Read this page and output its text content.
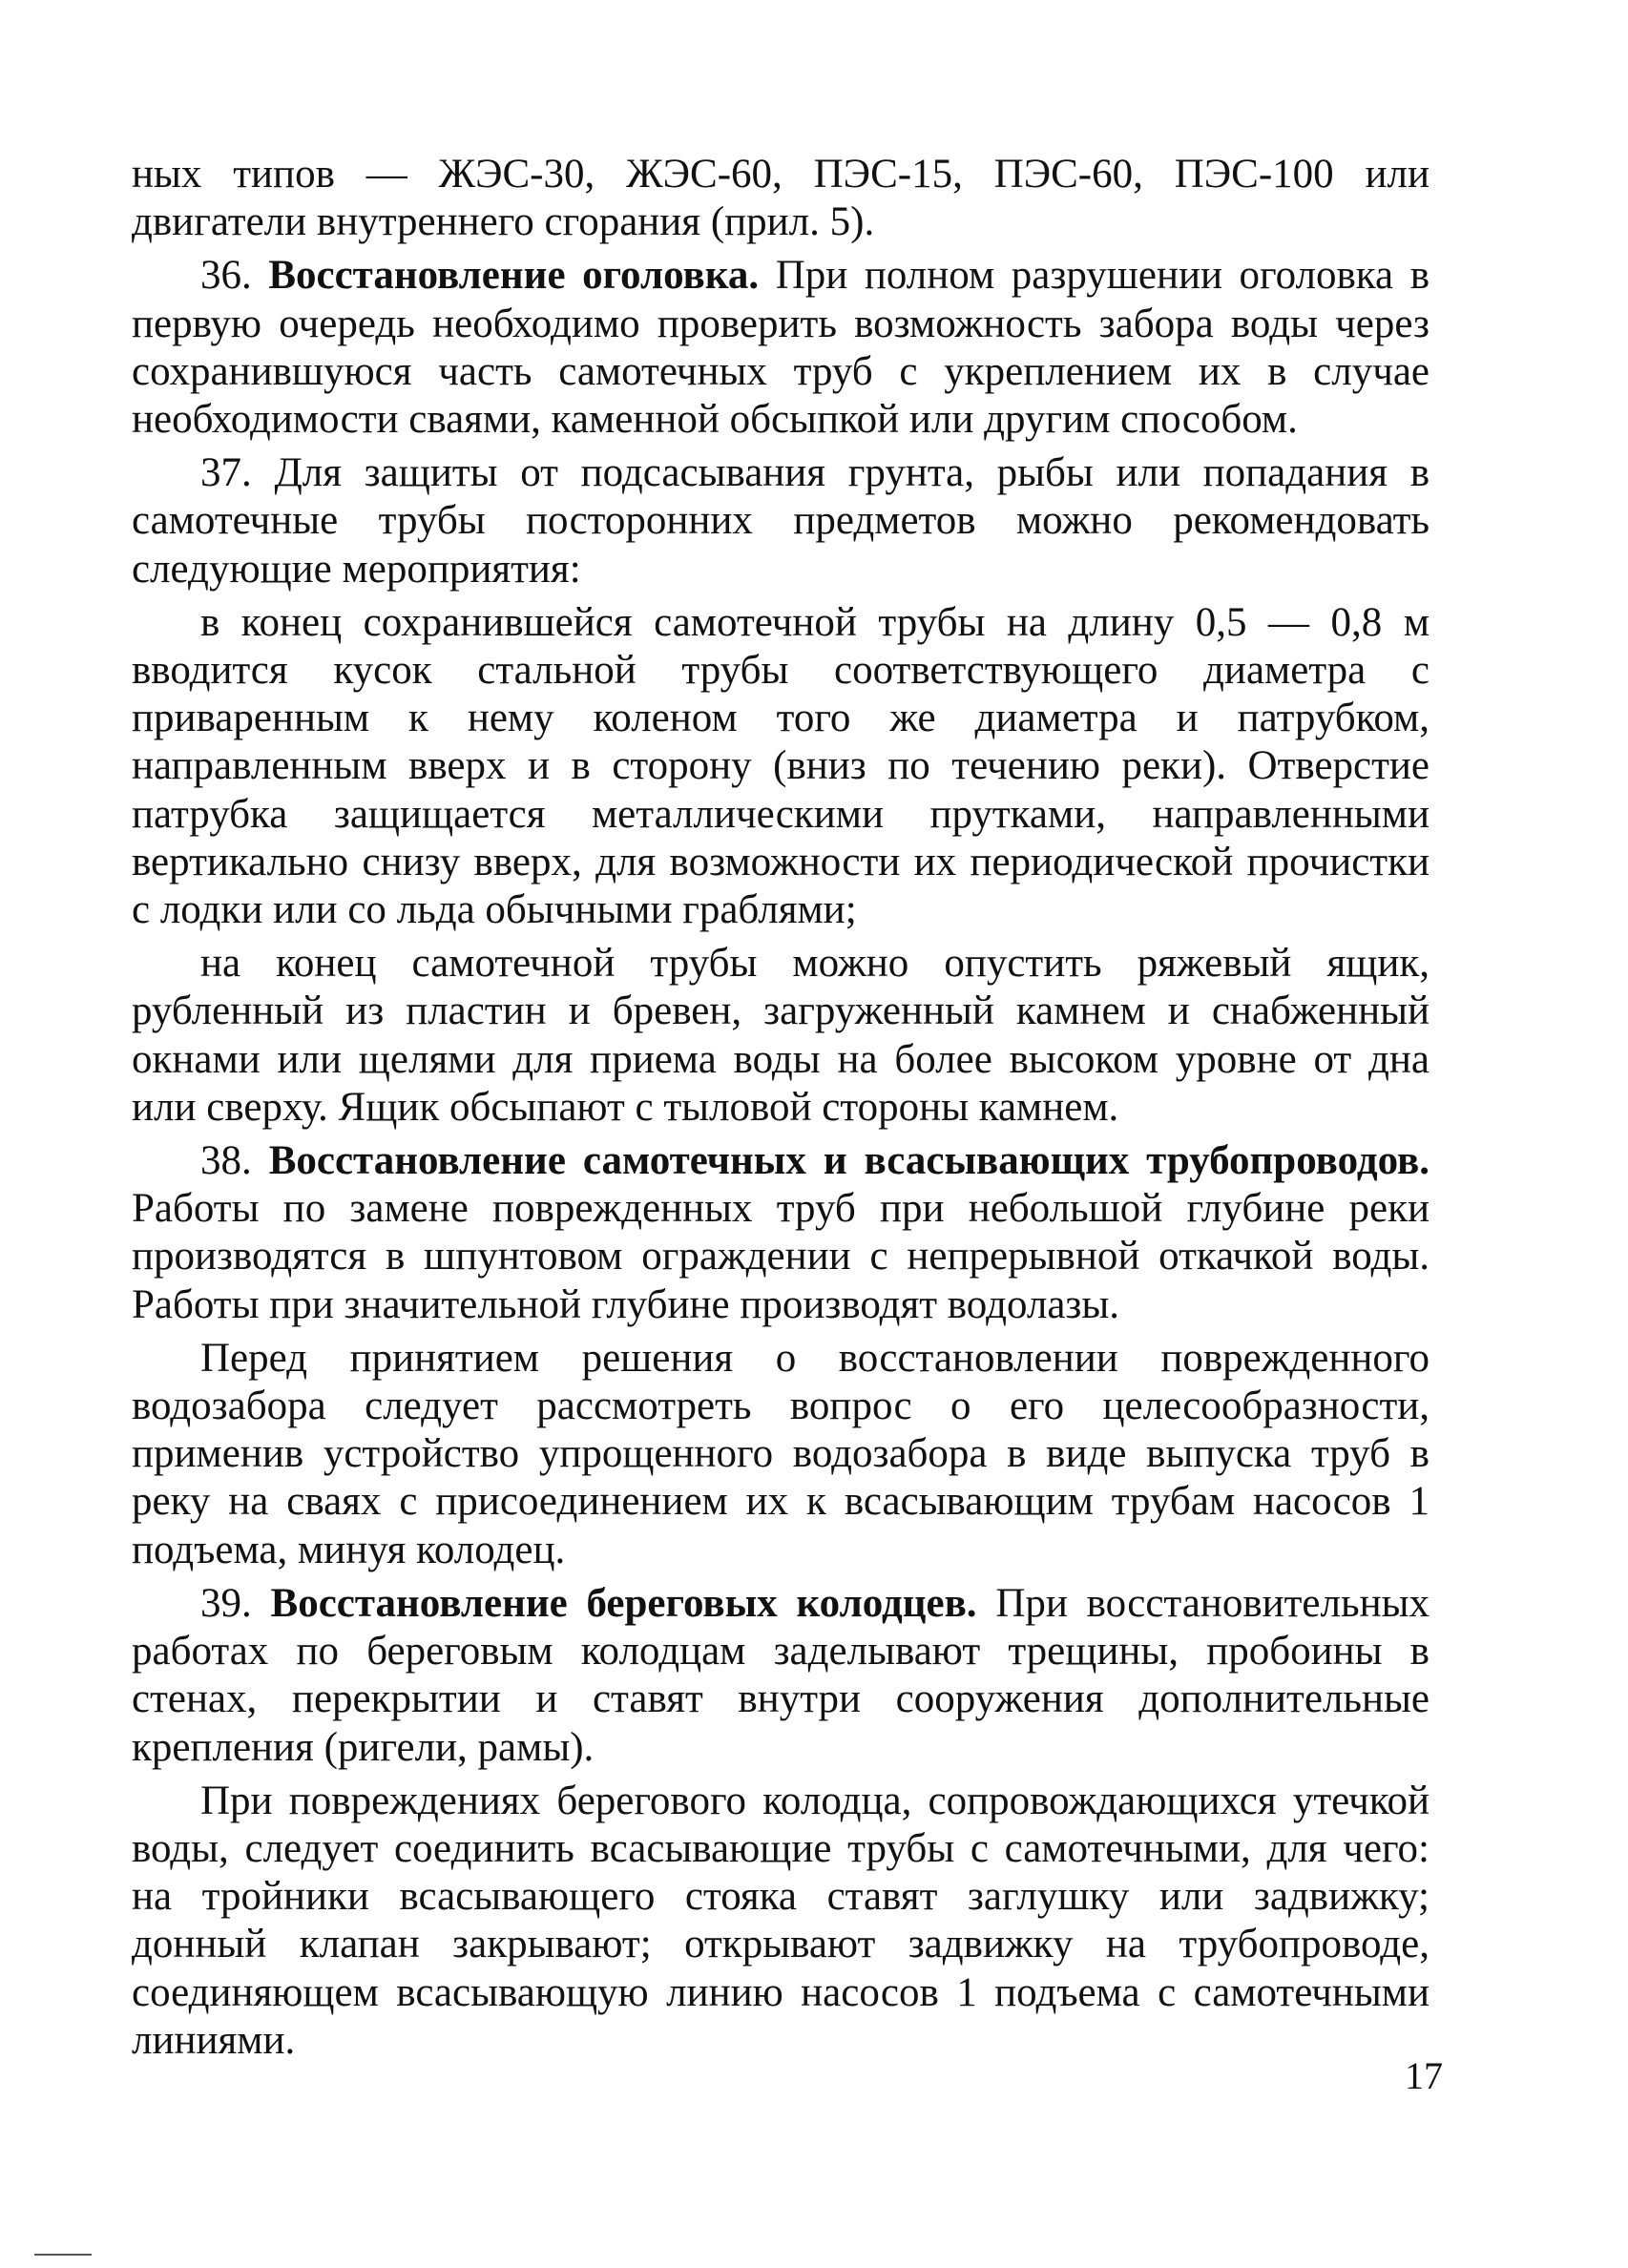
ных типов — ЖЭС-30, ЖЭС-60, ПЭС-15, ПЭС-60, ПЭС-100 или двигатели внутреннего сгорания (прил. 5).

36. Восстановление оголовка. При полном разрушении оголовка в первую очередь необходимо проверить возможность забора воды через сохранившуюся часть самотечных труб с укреплением их в случае необходимости сваями, каменной обсыпкой или другим способом.

37. Для защиты от подсасывания грунта, рыбы или попадания в самотечные трубы посторонних предметов можно рекомендовать следующие мероприятия:

в конец сохранившейся самотечной трубы на длину 0,5 — 0,8 м вводится кусок стальной трубы соответствующего диаметра с приваренным к нему коленом того же диаметра и патрубком, направленным вверх и в сторону (вниз по течению реки). Отверстие патрубка защищается металлическими прутками, направленными вертикально снизу вверх, для возможности их периодической прочистки с лодки или со льда обычными граблями;

на конец самотечной трубы можно опустить ряжевый ящик, рубленный из пластин и бревен, загруженный камнем и снабженный окнами или щелями для приема воды на более высоком уровне от дна или сверху. Ящик обсыпают с тыловой стороны камнем.

38. Восстановление самотечных и всасывающих трубопроводов. Работы по замене поврежденных труб при небольшой глубине реки производятся в шпунтовом ограждении с непрерывной откачкой воды. Работы при значительной глубине производят водолазы.

Перед принятием решения о восстановлении поврежденного водозабора следует рассмотреть вопрос о его целесообразности, применив устройство упрощенного водозабора в виде выпуска труб в реку на сваях с присоединением их к всасывающим трубам насосов 1 подъема, минуя колодец.

39. Восстановление береговых колодцев. При восстановительных работах по береговым колодцам заделывают трещины, пробоины в стенах, перекрытии и ставят внутри сооружения дополнительные крепления (ригели, рамы).

При повреждениях берегового колодца, сопровождающихся утечкой воды, следует соединить всасывающие трубы с самотечными, для чего: на тройники всасывающего стояка ставят заглушку или задвижку; донный клапан закрывают; открывают задвижку на трубопроводе, соединяющем всасывающую линию насосов 1 подъема с самотечными линиями.

17
